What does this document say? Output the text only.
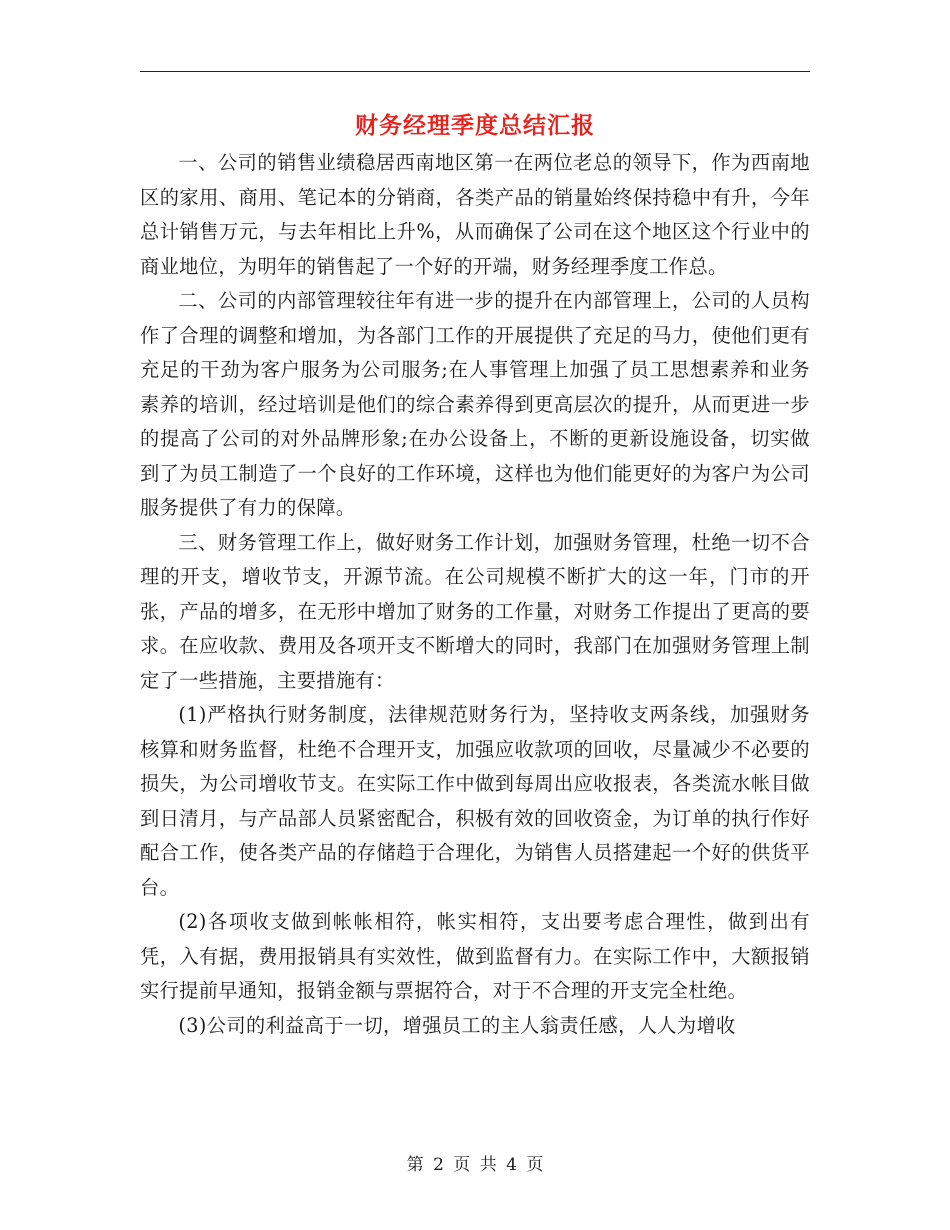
财务经理季度总结汇报

一、公司的销售业绩稳居西南地区第一在两位老总的领导下，作为西南地区的家用、商用、笔记本的分销商，各类产品的销量始终保持稳中有升，今年总计销售万元，与去年相比上升%，从而确保了公司在这个地区这个行业中的商业地位，为明年的销售起了一个好的开端，财务经理季度工作总。

二、公司的内部管理较往年有进一步的提升在内部管理上，公司的人员构作了合理的调整和增加，为各部门工作的开展提供了充足的马力，使他们更有充足的干劲为客户服务为公司服务;在人事管理上加强了员工思想素养和业务素养的培训，经过培训是他们的综合素养得到更高层次的提升，从而更进一步的提高了公司的对外品牌形象;在办公设备上，不断的更新设施设备，切实做到了为员工制造了一个良好的工作环境，这样也为他们能更好的为客户为公司服务提供了有力的保障。

三、财务管理工作上，做好财务工作计划，加强财务管理，杜绝一切不合理的开支，增收节支，开源节流。在公司规模不断扩大的这一年，门市的开张，产品的增多，在无形中增加了财务的工作量，对财务工作提出了更高的要求。在应收款、费用及各项开支不断增大的同时，我部门在加强财务管理上制定了一些措施，主要措施有：

(1)严格执行财务制度，法律规范财务行为，坚持收支两条线，加强财务核算和财务监督，杜绝不合理开支，加强应收款项的回收，尽量减少不必要的损失，为公司增收节支。在实际工作中做到每周出应收报表，各类流水帐目做到日清月，与产品部人员紧密配合，积极有效的回收资金，为订单的执行作好配合工作，使各类产品的存储趋于合理化，为销售人员搭建起一个好的供货平台。

(2)各项收支做到帐帐相符，帐实相符，支出要考虑合理性，做到出有凭，入有据，费用报销具有实效性，做到监督有力。在实际工作中，大额报销实行提前早通知，报销金额与票据符合，对于不合理的开支完全杜绝。

(3)公司的利益高于一切，增强员工的主人翁责任感，人人为增收

第 2 页 共 4 页
